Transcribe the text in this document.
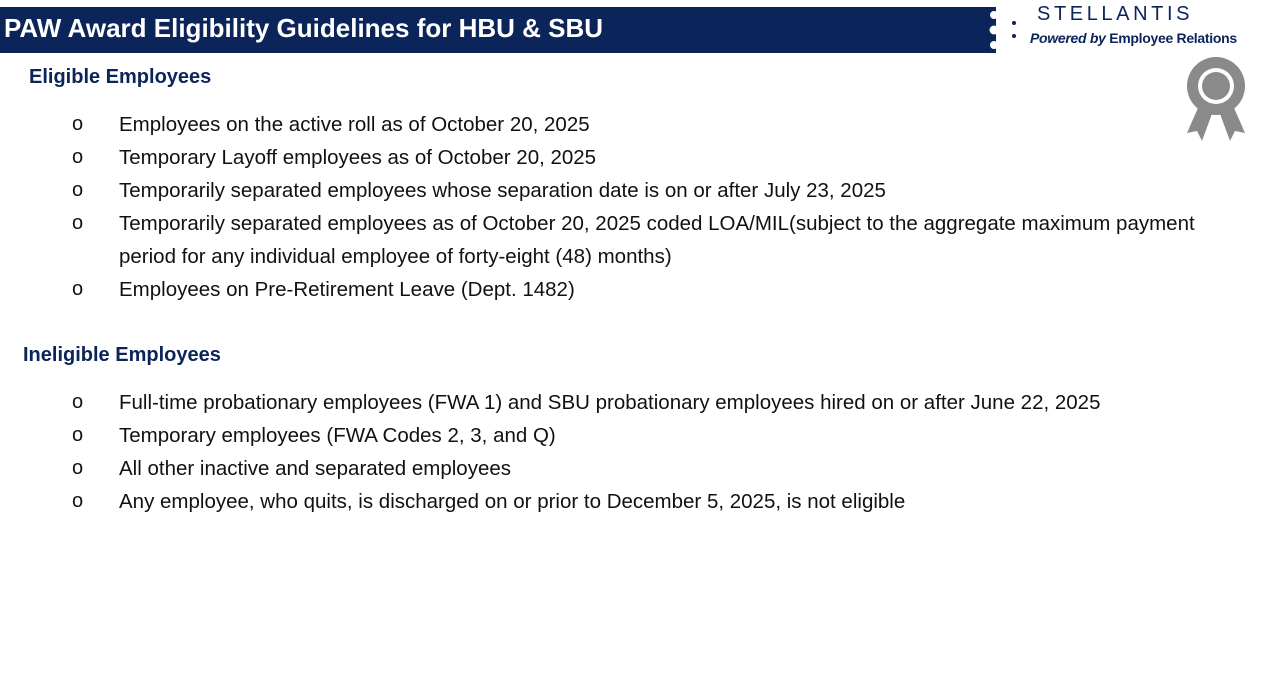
PAW Award Eligibility Guidelines for HBU & SBU	STELLANTIS
Powered by Employee Relations
Eligible Employees
o Employees on the active roll as of October 20, 2025
o Temporary Layoff employees as of October 20, 2025
o Temporarily separated employees whose separation date is on or after July 23, 2025
o Temporarily separated employees as of October 20, 2025 coded LOA/MIL(subject to the aggregate maximum payment period for any individual employee of forty-eight (48) months)
o Employees on Pre-Retirement Leave (Dept. 1482)
Ineligible Employees
o Full-time probationary employees (FWA 1) and SBU probationary employees hired on or after June 22, 2025
o Temporary employees (FWA Codes 2, 3, and Q)
o All other inactive and separated employees
o Any employee, who quits, is discharged on or prior to December 5, 2025, is not eligible
